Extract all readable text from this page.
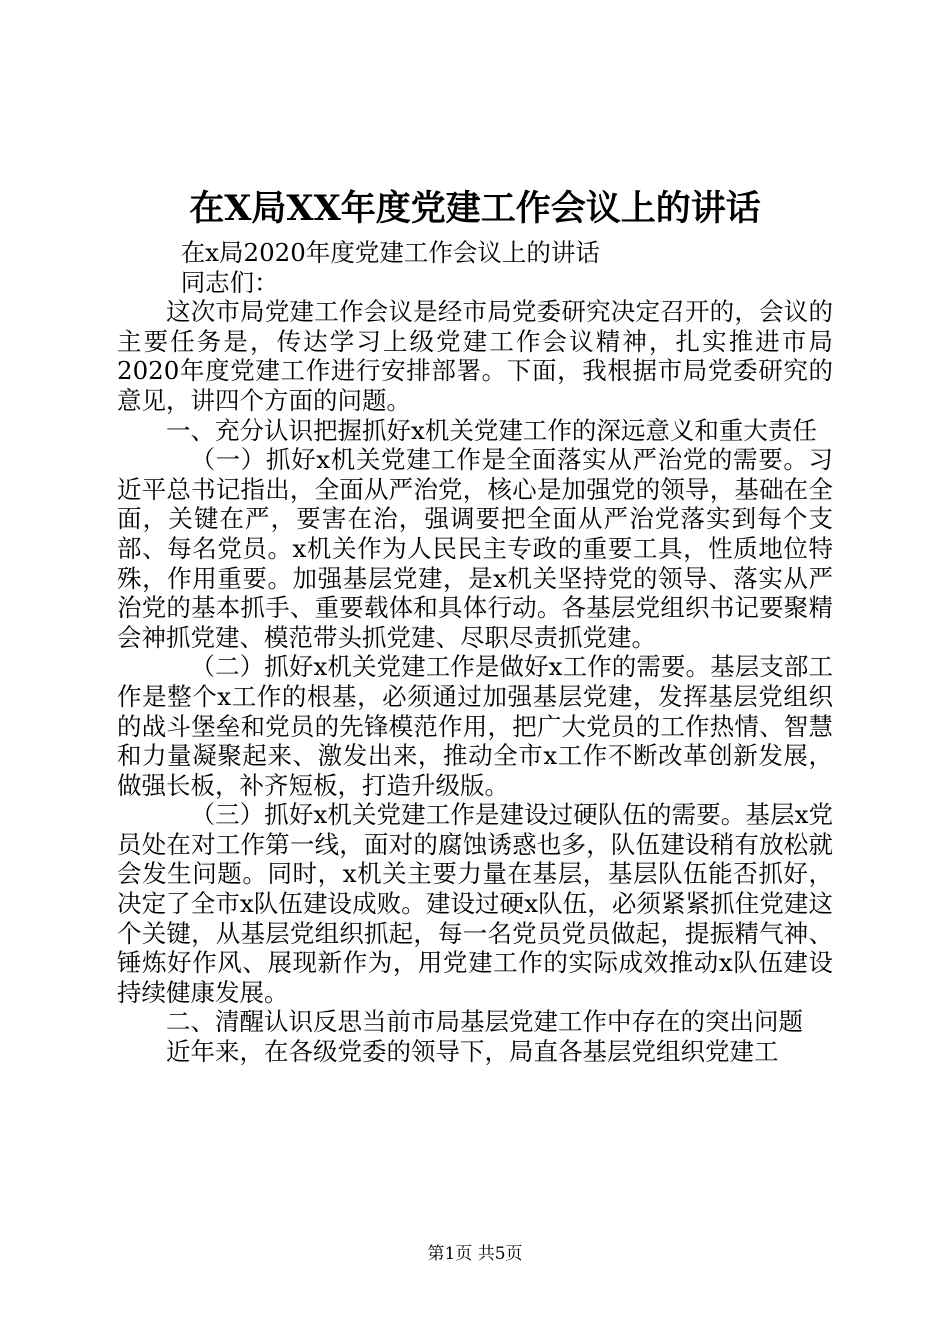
在X局XX年度党建工作会议上的讲话

在x局2020年度党建工作会议上的讲话

同志们：

这次市局党建工作会议是经市局党委研究决定召开的，会议的主要任务是，传达学习上级党建工作会议精神，扎实推进市局2020年度党建工作进行安排部署。下面，我根据市局党委研究的意见，讲四个方面的问题。

一、充分认识把握抓好x机关党建工作的深远意义和重大责任

（一）抓好x机关党建工作是全面落实从严治党的需要。习近平总书记指出，全面从严治党，核心是加强党的领导，基础在全面，关键在严，要害在治，强调要把全面从严治党落实到每个支部、每名党员。x机关作为人民民主专政的重要工具，性质地位特殊，作用重要。加强基层党建，是x机关坚持党的领导、落实从严治党的基本抓手、重要载体和具体行动。各基层党组织书记要聚精会神抓党建、模范带头抓党建、尽职尽责抓党建。

（二）抓好x机关党建工作是做好x工作的需要。基层支部工作是整个x工作的根基，必须通过加强基层党建，发挥基层党组织的战斗堡垒和党员的先锋模范作用，把广大党员的工作热情、智慧和力量凝聚起来、激发出来，推动全市x工作不断改革创新发展，做强长板，补齐短板，打造升级版。

（三）抓好x机关党建工作是建设过硬队伍的需要。基层x党员处在对工作第一线，面对的腐蚀诱惑也多，队伍建设稍有放松就会发生问题。同时，x机关主要力量在基层，基层队伍能否抓好，决定了全市x队伍建设成败。建设过硬x队伍，必须紧紧抓住党建这个关键，从基层党组织抓起，每一名党员党员做起，提振精气神、锤炼好作风、展现新作为，用党建工作的实际成效推动x队伍建设持续健康发展。

二、清醒认识反思当前市局基层党建工作中存在的突出问题

近年来，在各级党委的领导下，局直各基层党组织党建工

第1页 共5页
